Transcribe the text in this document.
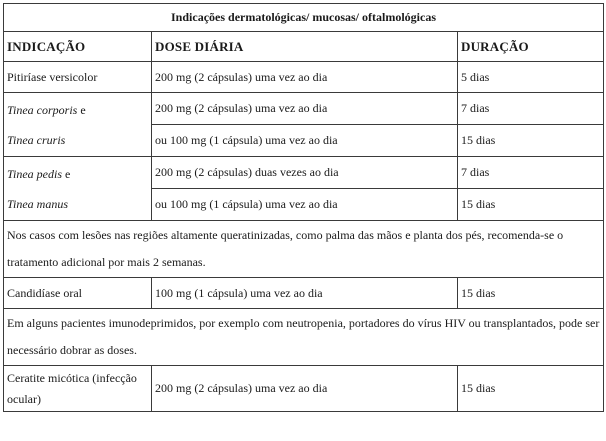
Indicações dermatológicas/ mucosas/ oftalmológicas		
INDICAÇÃO	DOSE DIÁRIA	DURAÇÃO
Pitiríase versicolor	200 mg (2 cápsulas) uma vez ao dia	5 dias

Tinea corporis e
Tinea cruris	200 mg (2 cápsulas) uma vez ao dia	7 dias
	ou 100 mg (1 cápsula) uma vez ao dia	15 dias

Tinea pedis e
Tinea manus	200 mg (2 cápsulas) duas vezes ao dia	7 dias
	ou 100 mg (1 cápsula) uma vez ao dia	15 dias
Nos casos com lesões nas regiões altamente queratinizadas, como palma das mãos e planta dos pés, recomenda-se o tratamento adicional por mais 2 semanas.		
Candidíase oral	100 mg (1 cápsula) uma vez ao dia	15 dias
Em alguns pacientes imunodeprimidos, por exemplo com neutropenia, portadores do vírus HIV ou transplantados, pode ser necessário dobrar as doses.		
Ceratite micótica (infecção ocular)	200 mg (2 cápsulas) uma vez ao dia	15 dias
